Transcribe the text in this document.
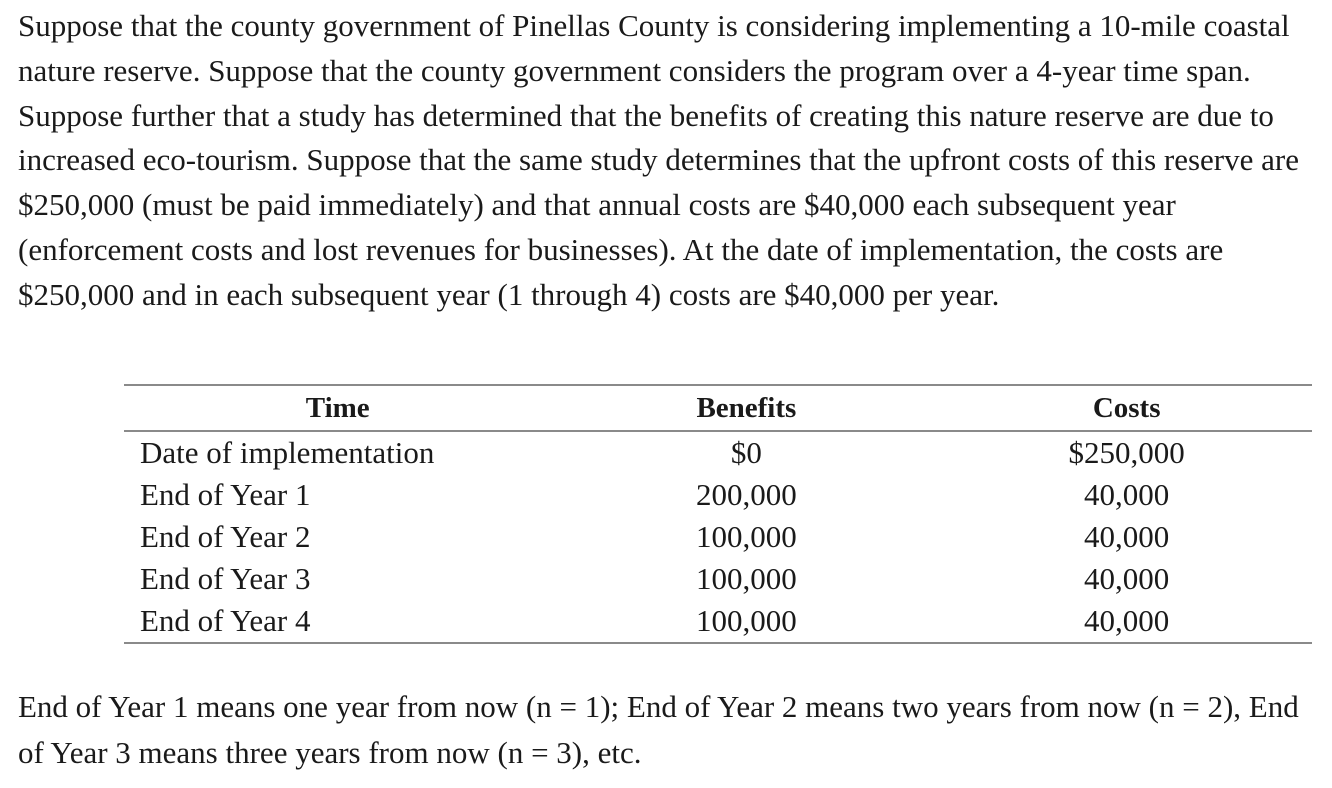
Suppose that the county government of Pinellas County is considering implementing a 10-mile coastal nature reserve. Suppose that the county government considers the program over a 4-year time span. Suppose further that a study has determined that the benefits of creating this nature reserve are due to increased eco-tourism. Suppose that the same study determines that the upfront costs of this reserve are $250,000 (must be paid immediately) and that annual costs are $40,000 each subsequent year (enforcement costs and lost revenues for businesses). At the date of implementation, the costs are $250,000 and in each subsequent year (1 through 4) costs are $40,000 per year.

Time	Benefits	Costs
Date of implementation	$0	$250,000
End of Year 1	200,000	40,000
End of Year 2	100,000	40,000
End of Year 3	100,000	40,000
End of Year 4	100,000	40,000

End of Year 1 means one year from now (n = 1); End of Year 2 means two years from now (n = 2), End of Year 3 means three years from now (n = 3), etc.
